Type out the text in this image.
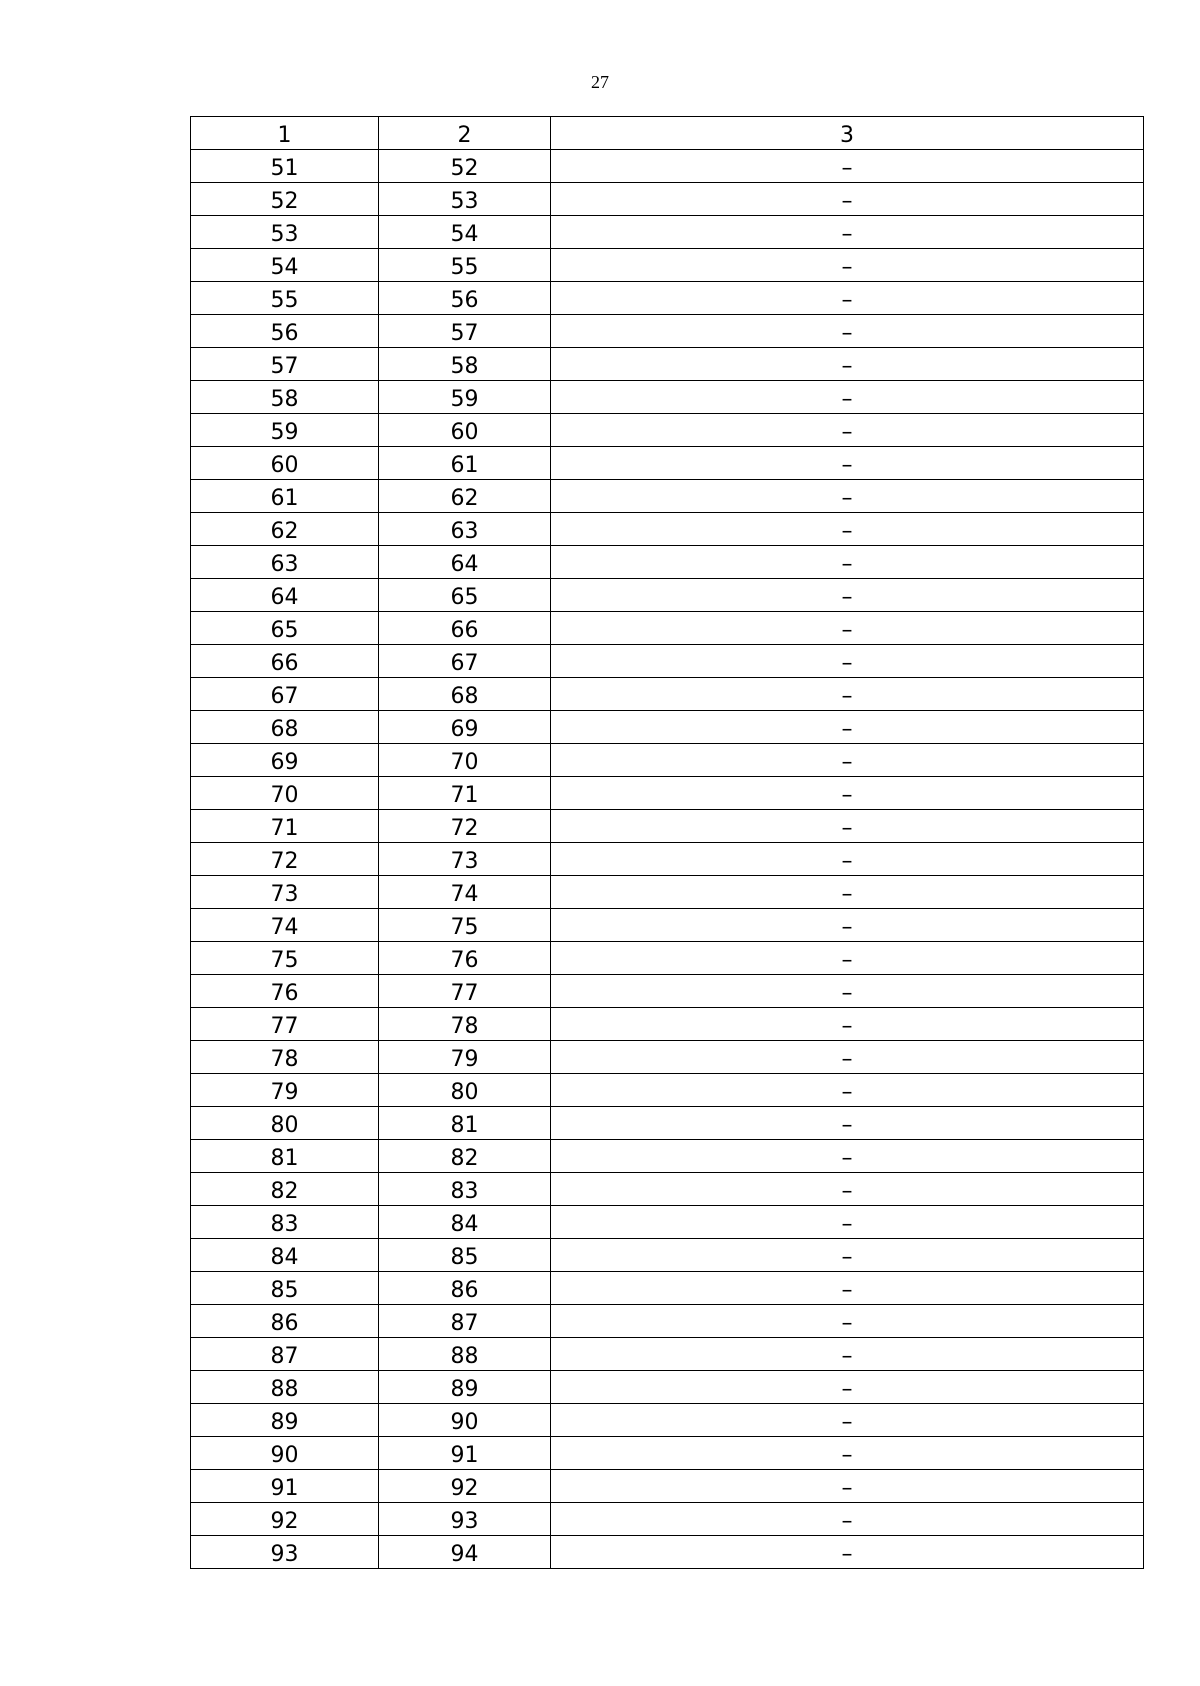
27
1	2	3
51	52	–
52	53	–
53	54	–
54	55	–
55	56	–
56	57	–
57	58	–
58	59	–
59	60	–
60	61	–
61	62	–
62	63	–
63	64	–
64	65	–
65	66	–
66	67	–
67	68	–
68	69	–
69	70	–
70	71	–
71	72	–
72	73	–
73	74	–
74	75	–
75	76	–
76	77	–
77	78	–
78	79	–
79	80	–
80	81	–
81	82	–
82	83	–
83	84	–
84	85	–
85	86	–
86	87	–
87	88	–
88	89	–
89	90	–
90	91	–
91	92	–
92	93	–
93	94	–
